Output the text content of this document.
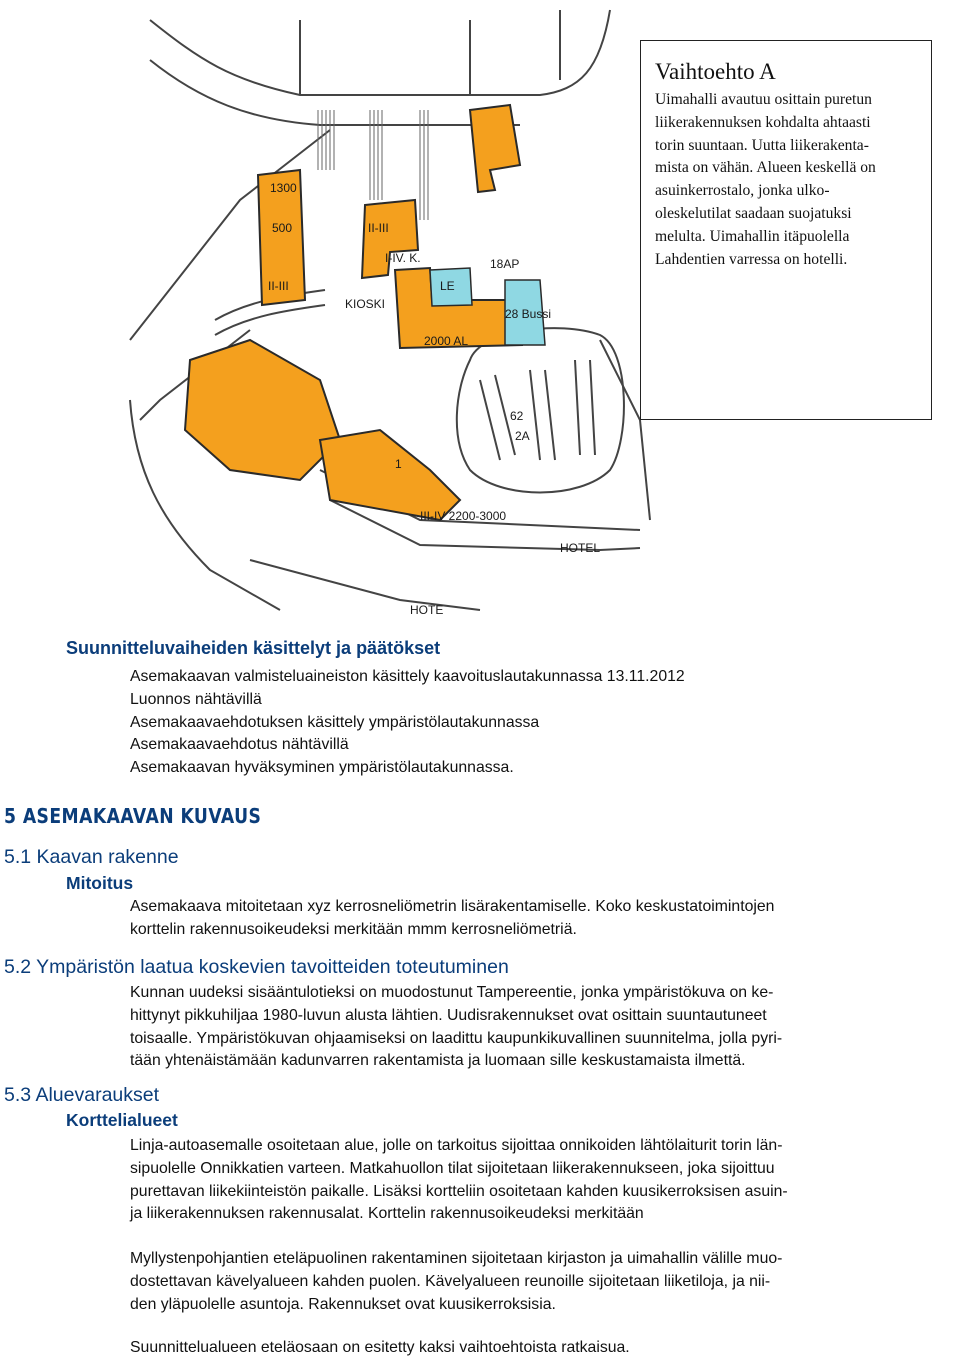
1300
500
II-III
II-III
I-IV. K.
KIOSKI
LE
18AP
2000 AL
28 Bussi
62
2A
1
III-IV 2200-3000
HOTEL
HOTE
Vaihtoehto A
Uimahalli avautuu osittain puretun
liikerakennuksen kohdalta ahtaasti
torin suuntaan. Uutta liikerakenta-
mista on vähän. Alueen keskellä on
asuinkerrostalo, jonka ulko-
oleskelutilat saadaan suojatuksi
melulta. Uimahallin itäpuolella
Lahdentien varressa on hotelli.
Suunnitteluvaiheiden käsittelyt ja päätökset
Asemakaavan valmisteluaineiston käsittely kaavoituslautakunnassa 13.11.2012
Luonnos nähtävillä
Asemakaavaehdotuksen käsittely ympäristölautakunnassa
Asemakaavaehdotus nähtävillä
Asemakaavan hyväksyminen ympäristölautakunnassa.
5 ASEMAKAAVAN KUVAUS
5.1 Kaavan rakenne
Mitoitus
Asemakaava mitoitetaan xyz kerrosneliömetrin lisärakentamiselle. Koko keskustatoimintojen
korttelin rakennusoikeudeksi merkitään mmm kerrosneliömetriä.
5.2 Ympäristön laatua koskevien tavoitteiden toteutuminen
Kunnan uudeksi sisääntulotieksi on muodostunut Tampereentie, jonka ympäristökuva on ke-
hittynyt pikkuhiljaa 1980-luvun alusta lähtien. Uudisrakennukset ovat osittain suuntautuneet
toisaalle. Ympäristökuvan ohjaamiseksi on laadittu kaupunkikuvallinen suunnitelma, jolla pyri-
tään yhtenäistämään kadunvarren rakentamista ja luomaan sille keskustamaista ilmettä.
5.3 Aluevaraukset
Korttelialueet
Linja-autoasemalle osoitetaan alue, jolle on tarkoitus sijoittaa onnikoiden lähtölaiturit torin län-
sipuolelle Onnikkatien varteen. Matkahuollon tilat sijoitetaan liikerakennukseen, joka sijoittuu
purettavan liikekiinteistön paikalle. Lisäksi kortteliin osoitetaan kahden kuusikerroksisen asuin-
ja liikerakennuksen rakennusalat. Korttelin rakennusoikeudeksi merkitään
Myllystenpohjantien eteläpuolinen rakentaminen sijoitetaan kirjaston ja uimahallin välille muo-
dostettavan kävelyalueen kahden puolen. Kävelyalueen reunoille sijoitetaan liiketiloja, ja nii-
den yläpuolelle asuntoja. Rakennukset ovat kuusikerroksisia.
Suunnittelualueen eteläosaan on esitetty kaksi vaihtoehtoista ratkaisua.
